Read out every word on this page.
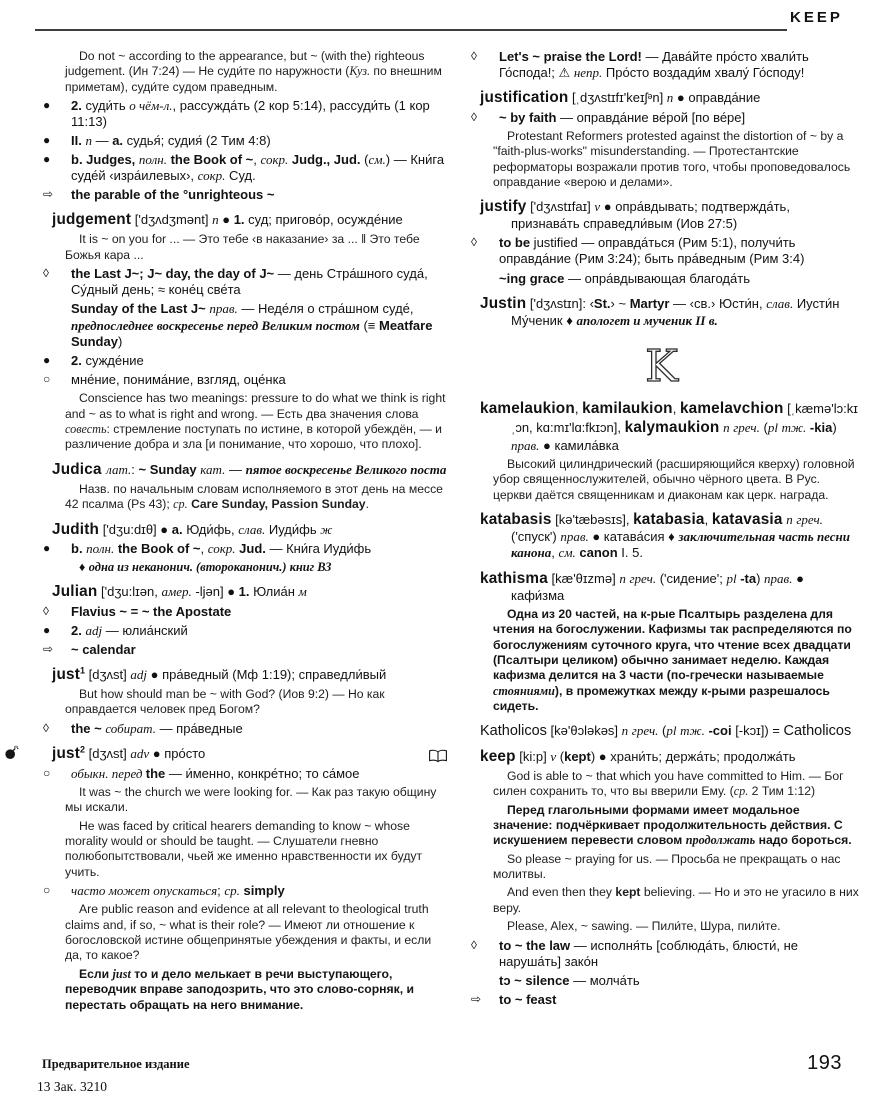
KEEP

Do not ~ according to the appearance, but ~ (with the) righteous judgement. (Ин 7:24) — Не суди́те по наружности (Куз. по внешним приметам), суди́те судом праведным.

● 2. суди́ть о чём-л., рассужда́ть (2 кор 5:14), рассуди́ть (1 кор 11:13)

● II. n — a. судья́; судия́ (2 Тим 4:8)

● b. Judges, полн. the Book of ~, сокр. Judg., Jud. (см.) — Кни́га суде́й ‹изра́илевых›, сокр. Суд.

⇨ the parable of the °unrighteous ~

judgement ['dʒʌdʒmənt] n ● 1. суд; пригово́р, осужде́ние

It is ~ on you for ... — Это тебе ‹в наказание› за ... ‖ Это тебе Божья кара ...

◊ the Last J~; J~ day, the day of J~ — день Стра́шного суда́, Су́дный день; ≈ коне́ц све́та

Sunday of the Last J~ прав. — Неде́ля о стра́шном суде́, предпоследнее воскресенье перед Великим постом (≡ Meatfare Sunday)

● 2. сужде́ние

○ мне́ние, понима́ние, взгляд, оце́нка

Conscience has two meanings: pressure to do what we think is right and ~ as to what is right and wrong. — Есть два значения слова совесть: стремление поступать по истине, в которой убеждён, — и различение добра и зла [и понимание, что хорошо, что плохо].

Judica лат.: ~ Sunday кат. — пятое воскресенье Великого поста

Назв. по начальным словам исполняемого в этот день на мессе 42 псалма (Ps 43); ср. Care Sunday, Passion Sunday.

Judith ['dʒu:dɪθ] ● a. Юди́фь, слав. Иуди́фь ж

● b. полн. the Book of ~, сокр. Jud. — Кни́га Иуди́фь

♦ одна из неканонич. (второканонич.) книг ВЗ

Julian ['dʒu:lɪən, амер. -ljən] ● 1. Юлиа́н м

◊ Flavius ~ = ~ the Apostate

● 2. adj — юлиа́нский

⇨ ~ calendar

just$^1$ [dʒʌst] adj ● пра́ведный (Мф 1:19); справедли́вый

But how should man be ~ with God? (Иов 9:2) — Но как оправдается человек пред Богом?

◊ the ~ собират. — пра́ведные

just$^2$ [dʒʌst] adv ● про́сто

○ обыкн. перед the — и́менно, конкре́тно; то са́мое

It was ~ the church we were looking for. — Как раз такую общину мы искали.

He was faced by critical hearers demanding to know ~ whose morality would or should be taught. — Слушатели гневно полюбопытствовали, чьей же именно нравственности их будут учить.

○ часто может опускаться; ср. simply

Are public reason and evidence at all relevant to theological truth claims and, if so, ~ what is their role? — Имеют ли отношение к богословской истине общепринятые убеждения и факты, и если да, то какое?

Если just то и дело мелькает в речи выступающего, переводчик вправе заподозрить, что это слово-сорняк, и перестать обращать на него внимание.

◊ Let's ~ praise the Lord! — Дава́йте про́сто хвали́ть Го́спода!; ⚠ непр. Про́сто воздади́м хвалу́ Го́споду!

justification [ˌdʒʌstɪfɪ'keɪʃᵊn] n ● оправда́ние

◊ ~ by faith — оправда́ние ве́рой [по ве́ре]

Protestant Reformers protested against the distortion of ~ by a "faith-plus-works" misunderstanding. — Протестантские реформаторы возражали против того, чтобы проповедовалось оправдание «верою и делами».

justify ['dʒʌstɪfaɪ] v ● опра́вдывать; подтвержда́ть, признава́ть справедли́вым (Иов 27:5)

◊ to be justified — оправда́ться (Рим 5:1), получи́ть оправда́ние (Рим 3:24); быть пра́ведным (Рим 3:4)

~ing grace — опра́вдывающая благода́ть

Justin ['dʒʌstɪn]: ‹St.› ~ Martyr — ‹св.› Юсти́н, слав. Иусти́н Му́ченик ♦ апологет и мученик II в.

K

kamelaukion, kamilaukion, kamelavchion [ˌkæmə'lɔ:kɪˌɔn, kɑ:mɪ'lɑ:fkɪɔn], kalymaukion n греч. (pl тж. -kia) прав. ● камила́вка

Высокий цилиндрический (расширяющийся кверху) головной убор священнослужителей, обычно чёрного цвета. В Рус. церкви даётся священникам и диаконам как церк. награда.

katabasis [kə'tæbəsɪs], katabasia, katavasia n греч. ('спуск') прав. ● катава́сия ♦ заключительная часть песни канона, см. canon I. 5.

kathisma [kæ'θɪzmə] n греч. ('сидение'; pl -ta) прав. ● кафи́зма

Одна из 20 частей, на к-рые Псалтырь разделена для чтения на богослужении. Кафизмы так распределяются по богослужениям суточного круга, что чтение всех двадцати (Псалтыри целиком) обычно занимает неделю. Каждая кафизма делится на 3 части (по-гречески называемые стояниями), в промежутках между к-рыми разрешалось сидеть.

Katholicos [kə'θɔləkəs] n греч. (pl тж. -coi [-kɔɪ]) = Catholicos

keep [ki:p] v (kept) ● храни́ть; держа́ть; продолжа́ть

God is able to ~ that which you have committed to Him. — Бог силен сохранить то, что вы вверили Ему. (ср. 2 Тим 1:12)

Перед глагольными формами имеет модальное значение: подчёркивает продолжительность действия. С искушением перевести словом продолжать надо бороться.

So please ~ praying for us. — Просьба не прекращать о нас молитвы.

And even then they kept believing. — Но и это не угасило в них веру.

Please, Alex, ~ sawing. — Пили́те, Шура, пили́те.

◊ to ~ the law — исполня́ть [соблюда́ть, блюсти́, не наруша́ть] зако́н

tɔ ~ silence — молча́ть

⇨ to ~ feast

Предварительное издание
13 Зак. 3210
193
